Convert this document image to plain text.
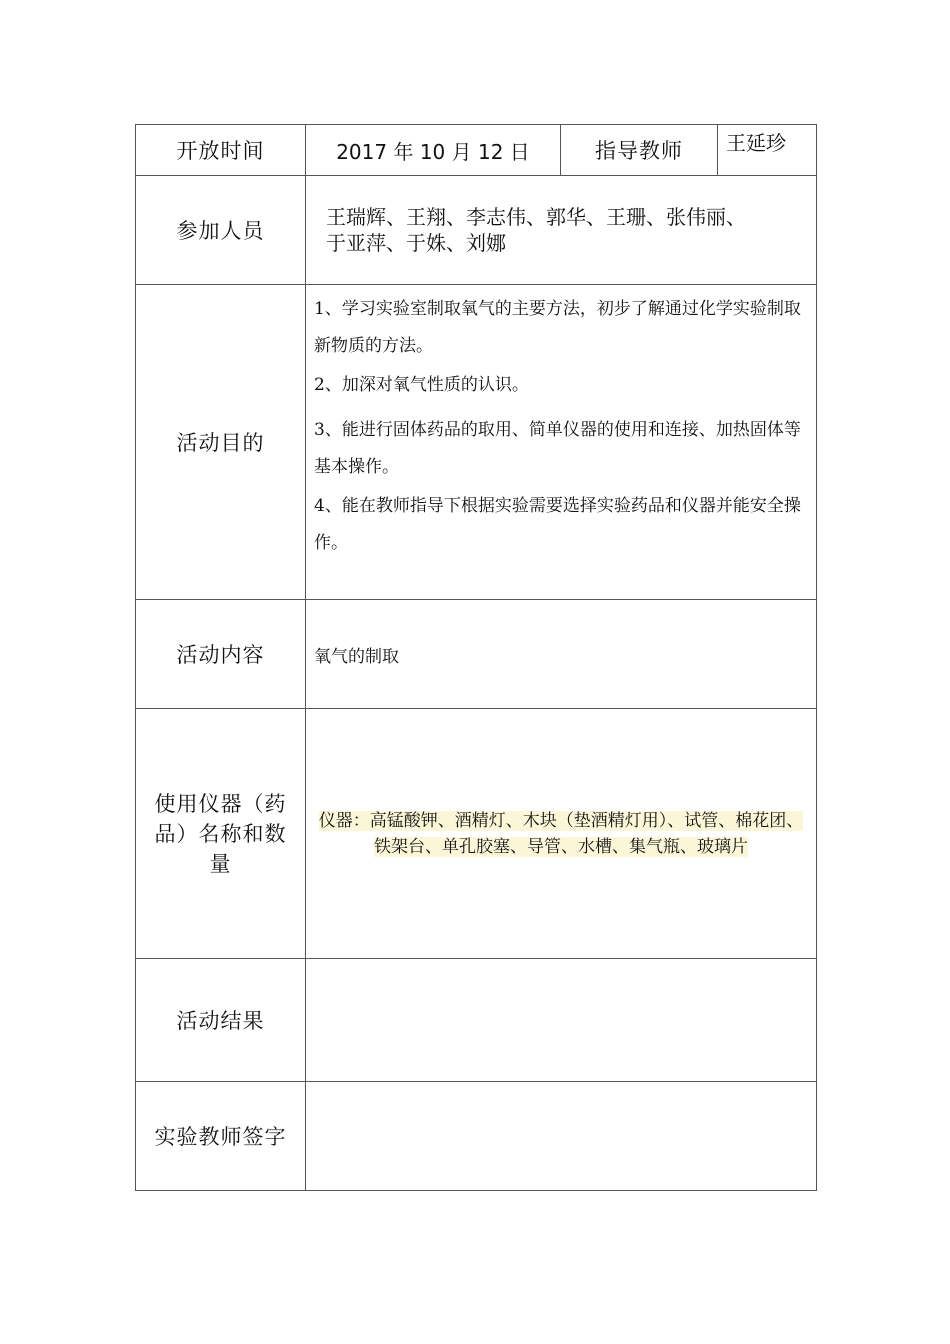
开放时间	2017 年 10 月 12 日	指导教师	王延珍
参加人员	王瑞辉、王翔、李志伟、郭华、王珊、张伟丽、
于亚萍、于姝、刘娜		

活动目的	1、学习实验室制取氧气的主要方法，初步了解通过化学实验制取新物质的方法。

2、加深对氧气性质的认识。

3、能进行固体药品的取用、简单仪器的使用和连接、加热固体等基本操作。

4、能在教师指导下根据实验需要选择实验药品和仪器并能安全操作。		

活动内容	氧气的制取		
使用仪器（药品）名称和数量	仪器：高锰酸钾、酒精灯、木块（垫酒精灯用）、试管、棉花团、
铁架台、单孔胶塞、导管、水槽、集气瓶、玻璃片		

活动结果			
实验教师签字			
